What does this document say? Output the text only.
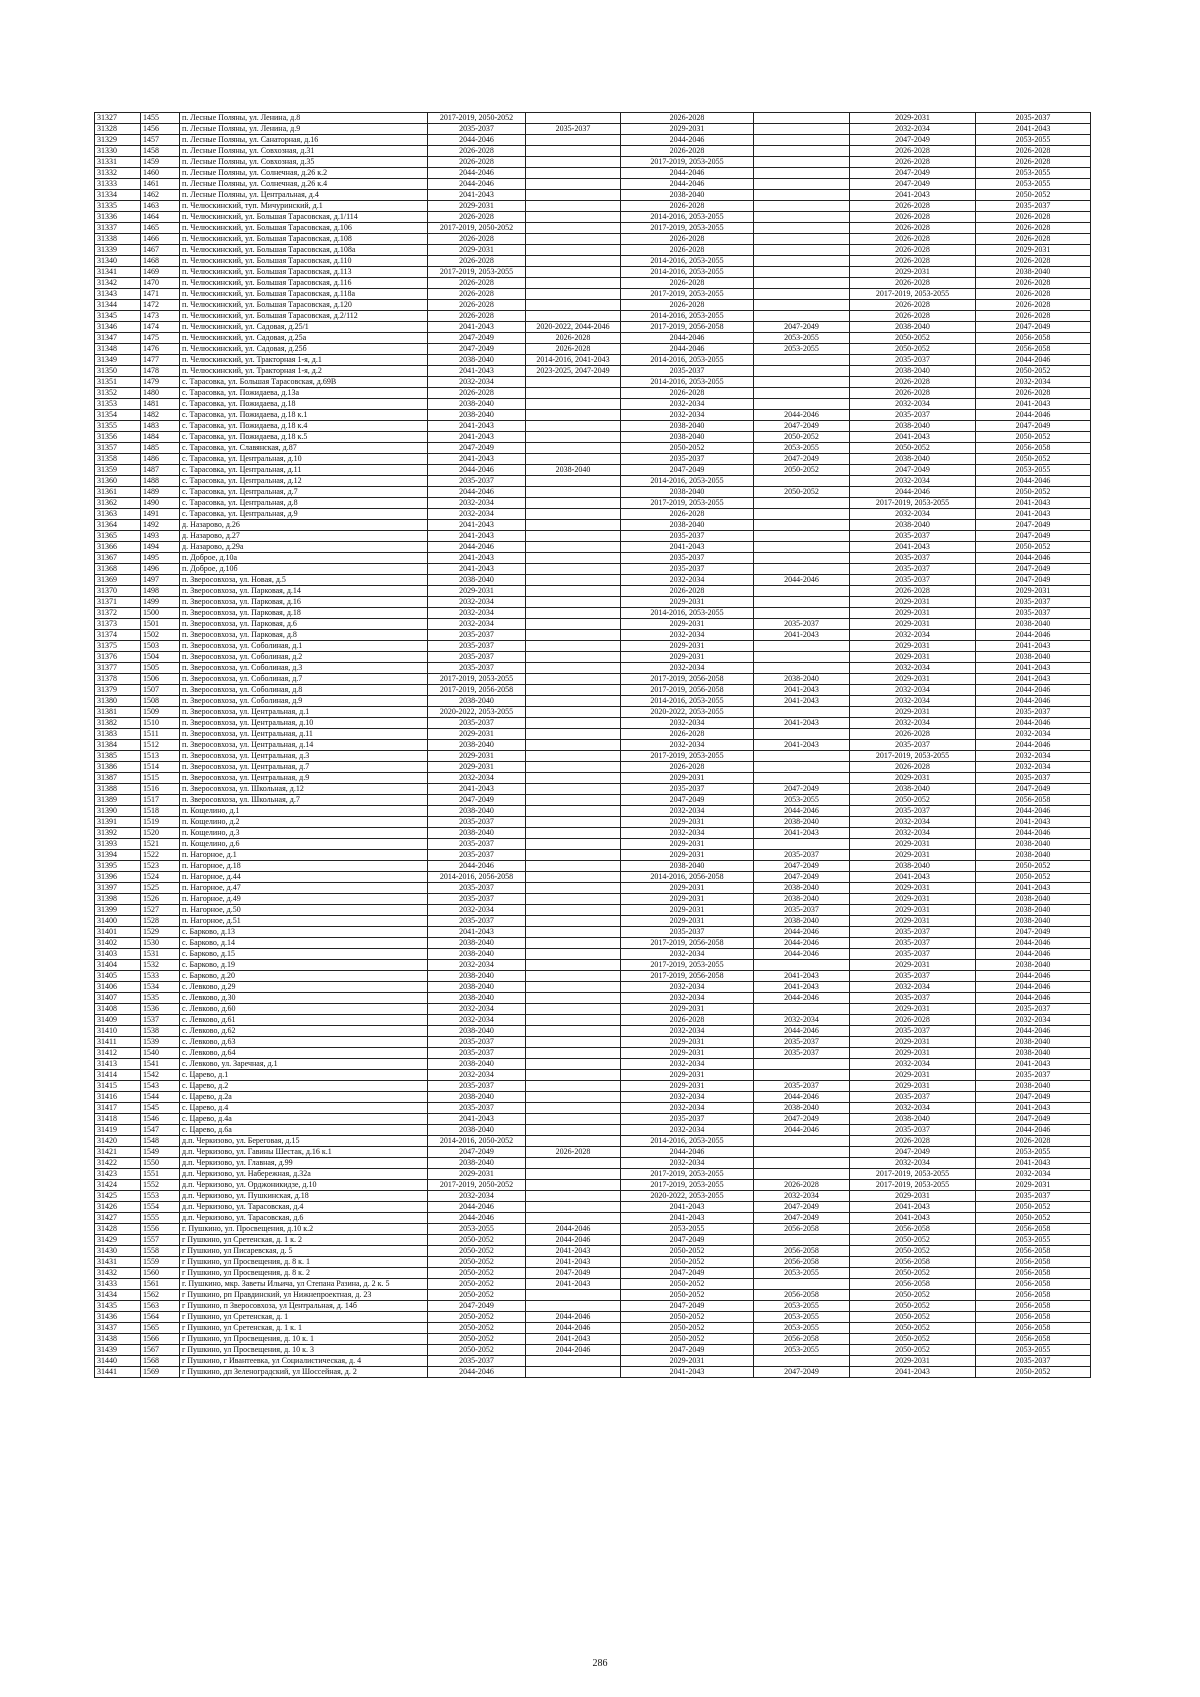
31327	1455	п. Лесные Поляны, ул. Ленина, д.8	2017-2019, 2050-2052		2026-2028		2029-2031	2035-2037
31328	1456	п. Лесные Поляны, ул. Ленина, д.9	2035-2037	2035-2037	2029-2031		2032-2034	2041-2043
31329	1457	п. Лесные Поляны, ул. Санаторная, д.16	2044-2046		2044-2046		2047-2049	2053-2055
31330	1458	п. Лесные Поляны, ул. Совхозная, д.31	2026-2028		2026-2028		2026-2028	2026-2028
31331	1459	п. Лесные Поляны, ул. Совхозная, д.35	2026-2028		2017-2019, 2053-2055		2026-2028	2026-2028
31332	1460	п. Лесные Поляны, ул. Солнечная, д.26 к.2	2044-2046		2044-2046		2047-2049	2053-2055
31333	1461	п. Лесные Поляны, ул. Солнечная, д.26 к.4	2044-2046		2044-2046		2047-2049	2053-2055
31334	1462	п. Лесные Поляны, ул. Центральная, д.4	2041-2043		2038-2040		2041-2043	2050-2052
31335	1463	п. Челюскинский, туп. Мичуринский, д.1	2029-2031		2026-2028		2026-2028	2035-2037
31336	1464	п. Челюскинский, ул. Большая Тарасовская, д.1/114	2026-2028		2014-2016, 2053-2055		2026-2028	2026-2028
31337	1465	п. Челюскинский, ул. Большая Тарасовская, д.106	2017-2019, 2050-2052		2017-2019, 2053-2055		2026-2028	2026-2028
31338	1466	п. Челюскинский, ул. Большая Тарасовская, д.108	2026-2028		2026-2028		2026-2028	2026-2028
31339	1467	п. Челюскинский, ул. Большая Тарасовская, д.108а	2029-2031		2026-2028		2026-2028	2029-2031
31340	1468	п. Челюскинский, ул. Большая Тарасовская, д.110	2026-2028		2014-2016, 2053-2055		2026-2028	2026-2028
31341	1469	п. Челюскинский, ул. Большая Тарасовская, д.113	2017-2019, 2053-2055		2014-2016, 2053-2055		2029-2031	2038-2040
31342	1470	п. Челюскинский, ул. Большая Тарасовская, д.116	2026-2028		2026-2028		2026-2028	2026-2028
31343	1471	п. Челюскинский, ул. Большая Тарасовская, д.118а	2026-2028		2017-2019, 2053-2055		2017-2019, 2053-2055	2026-2028
31344	1472	п. Челюскинский, ул. Большая Тарасовская, д.120	2026-2028		2026-2028		2026-2028	2026-2028
31345	1473	п. Челюскинский, ул. Большая Тарасовская, д.2/112	2026-2028		2014-2016, 2053-2055		2026-2028	2026-2028
31346	1474	п. Челюскинский, ул. Садовая, д.25/1	2041-2043	2020-2022, 2044-2046	2017-2019, 2056-2058	2047-2049	2038-2040	2047-2049
31347	1475	п. Челюскинский, ул. Садовая, д.25а	2047-2049	2026-2028	2044-2046	2053-2055	2050-2052	2056-2058
31348	1476	п. Челюскинский, ул. Садовая, д.25б	2047-2049	2026-2028	2044-2046	2053-2055	2050-2052	2056-2058
31349	1477	п. Челюскинский, ул. Тракторная 1-я, д.1	2038-2040	2014-2016, 2041-2043	2014-2016, 2053-2055		2035-2037	2044-2046
31350	1478	п. Челюскинский, ул. Тракторная 1-я, д.2	2041-2043	2023-2025, 2047-2049	2035-2037		2038-2040	2050-2052
31351	1479	с. Тарасовка, ул. Большая Тарасовская, д.69В	2032-2034		2014-2016, 2053-2055		2026-2028	2032-2034
31352	1480	с. Тарасовка, ул. Пожидаева, д.13а	2026-2028		2026-2028		2026-2028	2026-2028
31353	1481	с. Тарасовка, ул. Пожидаева, д.18	2038-2040		2032-2034		2032-2034	2041-2043
31354	1482	с. Тарасовка, ул. Пожидаева, д.18 к.1	2038-2040		2032-2034	2044-2046	2035-2037	2044-2046
31355	1483	с. Тарасовка, ул. Пожидаева, д.18 к.4	2041-2043		2038-2040	2047-2049	2038-2040	2047-2049
31356	1484	с. Тарасовка, ул. Пожидаева, д.18 к.5	2041-2043		2038-2040	2050-2052	2041-2043	2050-2052
31357	1485	с. Тарасовка, ул. Славянская, д.87	2047-2049		2050-2052	2053-2055	2050-2052	2056-2058
31358	1486	с. Тарасовка, ул. Центральная, д.10	2041-2043		2035-2037	2047-2049	2038-2040	2050-2052
31359	1487	с. Тарасовка, ул. Центральная, д.11	2044-2046	2038-2040	2047-2049	2050-2052	2047-2049	2053-2055
31360	1488	с. Тарасовка, ул. Центральная, д.12	2035-2037		2014-2016, 2053-2055		2032-2034	2044-2046
31361	1489	с. Тарасовка, ул. Центральная, д.7	2044-2046		2038-2040	2050-2052	2044-2046	2050-2052
31362	1490	с. Тарасовка, ул. Центральная, д.8	2032-2034		2017-2019, 2053-2055		2017-2019, 2053-2055	2041-2043
31363	1491	с. Тарасовка, ул. Центральная, д.9	2032-2034		2026-2028		2032-2034	2041-2043
31364	1492	д. Назарово, д.26	2041-2043		2038-2040		2038-2040	2047-2049
31365	1493	д. Назарово, д.27	2041-2043		2035-2037		2035-2037	2047-2049
31366	1494	д. Назарово, д.29а	2044-2046		2041-2043		2041-2043	2050-2052
31367	1495	п. Доброе, д.10а	2041-2043		2035-2037		2035-2037	2044-2046
31368	1496	п. Доброе, д.10б	2041-2043		2035-2037		2035-2037	2047-2049
31369	1497	п. Зверосовхоза, ул. Новая, д.5	2038-2040		2032-2034	2044-2046	2035-2037	2047-2049
31370	1498	п. Зверосовхоза, ул. Парковая, д.14	2029-2031		2026-2028		2026-2028	2029-2031
31371	1499	п. Зверосовхоза, ул. Парковая, д.16	2032-2034		2029-2031		2029-2031	2035-2037
31372	1500	п. Зверосовхоза, ул. Парковая, д.18	2032-2034		2014-2016, 2053-2055		2029-2031	2035-2037
31373	1501	п. Зверосовхоза, ул. Парковая, д.6	2032-2034		2029-2031	2035-2037	2029-2031	2038-2040
31374	1502	п. Зверосовхоза, ул. Парковая, д.8	2035-2037		2032-2034	2041-2043	2032-2034	2044-2046
31375	1503	п. Зверосовхоза, ул. Соболиная, д.1	2035-2037		2029-2031		2029-2031	2041-2043
31376	1504	п. Зверосовхоза, ул. Соболиная, д.2	2035-2037		2029-2031		2029-2031	2038-2040
31377	1505	п. Зверосовхоза, ул. Соболиная, д.3	2035-2037		2032-2034		2032-2034	2041-2043
31378	1506	п. Зверосовхоза, ул. Соболиная, д.7	2017-2019, 2053-2055		2017-2019, 2056-2058	2038-2040	2029-2031	2041-2043
31379	1507	п. Зверосовхоза, ул. Соболиная, д.8	2017-2019, 2056-2058		2017-2019, 2056-2058	2041-2043	2032-2034	2044-2046
31380	1508	п. Зверосовхоза, ул. Соболиная, д.9	2038-2040		2014-2016, 2053-2055	2041-2043	2032-2034	2044-2046
31381	1509	п. Зверосовхоза, ул. Центральная, д.1	2020-2022, 2053-2055		2020-2022, 2053-2055		2029-2031	2035-2037
31382	1510	п. Зверосовхоза, ул. Центральная, д.10	2035-2037		2032-2034	2041-2043	2032-2034	2044-2046
31383	1511	п. Зверосовхоза, ул. Центральная, д.11	2029-2031		2026-2028		2026-2028	2032-2034
31384	1512	п. Зверосовхоза, ул. Центральная, д.14	2038-2040		2032-2034	2041-2043	2035-2037	2044-2046
31385	1513	п. Зверосовхоза, ул. Центральная, д.3	2029-2031		2017-2019, 2053-2055		2017-2019, 2053-2055	2032-2034
31386	1514	п. Зверосовхоза, ул. Центральная, д.7	2029-2031		2026-2028		2026-2028	2032-2034
31387	1515	п. Зверосовхоза, ул. Центральная, д.9	2032-2034		2029-2031		2029-2031	2035-2037
31388	1516	п. Зверосовхоза, ул. Школьная, д.12	2041-2043		2035-2037	2047-2049	2038-2040	2047-2049
31389	1517	п. Зверосовхоза, ул. Школьная, д.7	2047-2049		2047-2049	2053-2055	2050-2052	2056-2058
31390	1518	п. Кощелино, д.1	2038-2040		2032-2034	2044-2046	2035-2037	2044-2046
31391	1519	п. Кощелино, д.2	2035-2037		2029-2031	2038-2040	2032-2034	2041-2043
31392	1520	п. Кощелино, д.3	2038-2040		2032-2034	2041-2043	2032-2034	2044-2046
31393	1521	п. Кощелино, д.6	2035-2037		2029-2031		2029-2031	2038-2040
31394	1522	п. Нагорное, д.1	2035-2037		2029-2031	2035-2037	2029-2031	2038-2040
31395	1523	п. Нагорное, д.18	2044-2046		2038-2040	2047-2049	2038-2040	2050-2052
31396	1524	п. Нагорное, д.44	2014-2016, 2056-2058		2014-2016, 2056-2058	2047-2049	2041-2043	2050-2052
31397	1525	п. Нагорное, д.47	2035-2037		2029-2031	2038-2040	2029-2031	2041-2043
31398	1526	п. Нагорное, д.49	2035-2037		2029-2031	2038-2040	2029-2031	2038-2040
31399	1527	п. Нагорное, д.50	2032-2034		2029-2031	2035-2037	2029-2031	2038-2040
31400	1528	п. Нагорное, д.51	2035-2037		2029-2031	2038-2040	2029-2031	2038-2040
31401	1529	с. Барково, д.13	2041-2043		2035-2037	2044-2046	2035-2037	2047-2049
31402	1530	с. Барково, д.14	2038-2040		2017-2019, 2056-2058	2044-2046	2035-2037	2044-2046
31403	1531	с. Барково, д.15	2038-2040		2032-2034	2044-2046	2035-2037	2044-2046
31404	1532	с. Барково, д.19	2032-2034		2017-2019, 2053-2055		2029-2031	2038-2040
31405	1533	с. Барково, д.20	2038-2040		2017-2019, 2056-2058	2041-2043	2035-2037	2044-2046
31406	1534	с. Левково, д.29	2038-2040		2032-2034	2041-2043	2032-2034	2044-2046
31407	1535	с. Левково, д.30	2038-2040		2032-2034	2044-2046	2035-2037	2044-2046
31408	1536	с. Левково, д.60	2032-2034		2029-2031		2029-2031	2035-2037
31409	1537	с. Левково, д.61	2032-2034		2026-2028	2032-2034	2026-2028	2032-2034
31410	1538	с. Левково, д.62	2038-2040		2032-2034	2044-2046	2035-2037	2044-2046
31411	1539	с. Левково, д.63	2035-2037		2029-2031	2035-2037	2029-2031	2038-2040
31412	1540	с. Левково, д.64	2035-2037		2029-2031	2035-2037	2029-2031	2038-2040
31413	1541	с. Левково, ул. Заречная, д.1	2038-2040		2032-2034		2032-2034	2041-2043
31414	1542	с. Царево, д.1	2032-2034		2029-2031		2029-2031	2035-2037
31415	1543	с. Царево, д.2	2035-2037		2029-2031	2035-2037	2029-2031	2038-2040
31416	1544	с. Царево, д.2а	2038-2040		2032-2034	2044-2046	2035-2037	2047-2049
31417	1545	с. Царево, д.4	2035-2037		2032-2034	2038-2040	2032-2034	2041-2043
31418	1546	с. Царево, д.4а	2041-2043		2035-2037	2047-2049	2038-2040	2047-2049
31419	1547	с. Царево, д.6а	2038-2040		2032-2034	2044-2046	2035-2037	2044-2046
31420	1548	д.п. Черкизово, ул. Береговая, д.15	2014-2016, 2050-2052		2014-2016, 2053-2055		2026-2028	2026-2028
31421	1549	д.п. Черкизово, ул. Гавины Шестак, д.16 к.1	2047-2049	2026-2028	2044-2046		2047-2049	2053-2055
31422	1550	д.п. Черкизово, ул. Главная, д.99	2038-2040		2032-2034		2032-2034	2041-2043
31423	1551	д.п. Черкизово, ул. Набережная, д.32а	2029-2031		2017-2019, 2053-2055		2017-2019, 2053-2055	2032-2034
31424	1552	д.п. Черкизово, ул. Орджоникидзе, д.10	2017-2019, 2050-2052		2017-2019, 2053-2055	2026-2028	2017-2019, 2053-2055	2029-2031
31425	1553	д.п. Черкизово, ул. Пушкинская, д.18	2032-2034		2020-2022, 2053-2055	2032-2034	2029-2031	2035-2037
31426	1554	д.п. Черкизово, ул. Тарасовская, д.4	2044-2046		2041-2043	2047-2049	2041-2043	2050-2052
31427	1555	д.п. Черкизово, ул. Тарасовская, д.6	2044-2046		2041-2043	2047-2049	2041-2043	2050-2052
31428	1556	г. Пушкино, ул. Просвещения, д.10 к.2	2053-2055	2044-2046	2053-2055	2056-2058	2056-2058	2056-2058
31429	1557	г Пушкино, ул Сретенская, д. 1 к. 2	2050-2052	2044-2046	2047-2049		2050-2052	2053-2055
31430	1558	г Пушкино, ул Писаревская, д. 5	2050-2052	2041-2043	2050-2052	2056-2058	2050-2052	2056-2058
31431	1559	г Пушкино, ул Просвещения, д. 8 к. 1	2050-2052	2041-2043	2050-2052	2056-2058	2056-2058	2056-2058
31432	1560	г Пушкино, ул Просвещения, д. 8 к. 2	2050-2052	2047-2049	2047-2049	2053-2055	2050-2052	2056-2058
31433	1561	г. Пушкино, мкр. Заветы Ильича, ул Степана Разина, д. 2 к. 5	2050-2052	2041-2043	2050-2052		2056-2058	2056-2058
31434	1562	г Пушкино, рп Правдинский, ул Нижнепроектная, д. 23	2050-2052		2050-2052	2056-2058	2050-2052	2056-2058
31435	1563	г Пушкино, п Зверосовхоза, ул Центральная, д. 14б	2047-2049		2047-2049	2053-2055	2050-2052	2056-2058
31436	1564	г Пушкино, ул Сретенская, д. 1	2050-2052	2044-2046	2050-2052	2053-2055	2050-2052	2056-2058
31437	1565	г Пушкино, ул Сретенская, д. 1 к. 1	2050-2052	2044-2046	2050-2052	2053-2055	2050-2052	2056-2058
31438	1566	г Пушкино, ул Просвещения, д. 10 к. 1	2050-2052	2041-2043	2050-2052	2056-2058	2050-2052	2056-2058
31439	1567	г Пушкино, ул Просвещения, д. 10 к. 3	2050-2052	2044-2046	2047-2049	2053-2055	2050-2052	2053-2055
31440	1568	г Пушкино, г Ивантеевка, ул Социалистическая, д. 4	2035-2037		2029-2031		2029-2031	2035-2037
31441	1569	г Пушкино, дп Зеленоградский, ул Шоссейная, д. 2	2044-2046		2041-2043	2047-2049	2041-2043	2050-2052
286
